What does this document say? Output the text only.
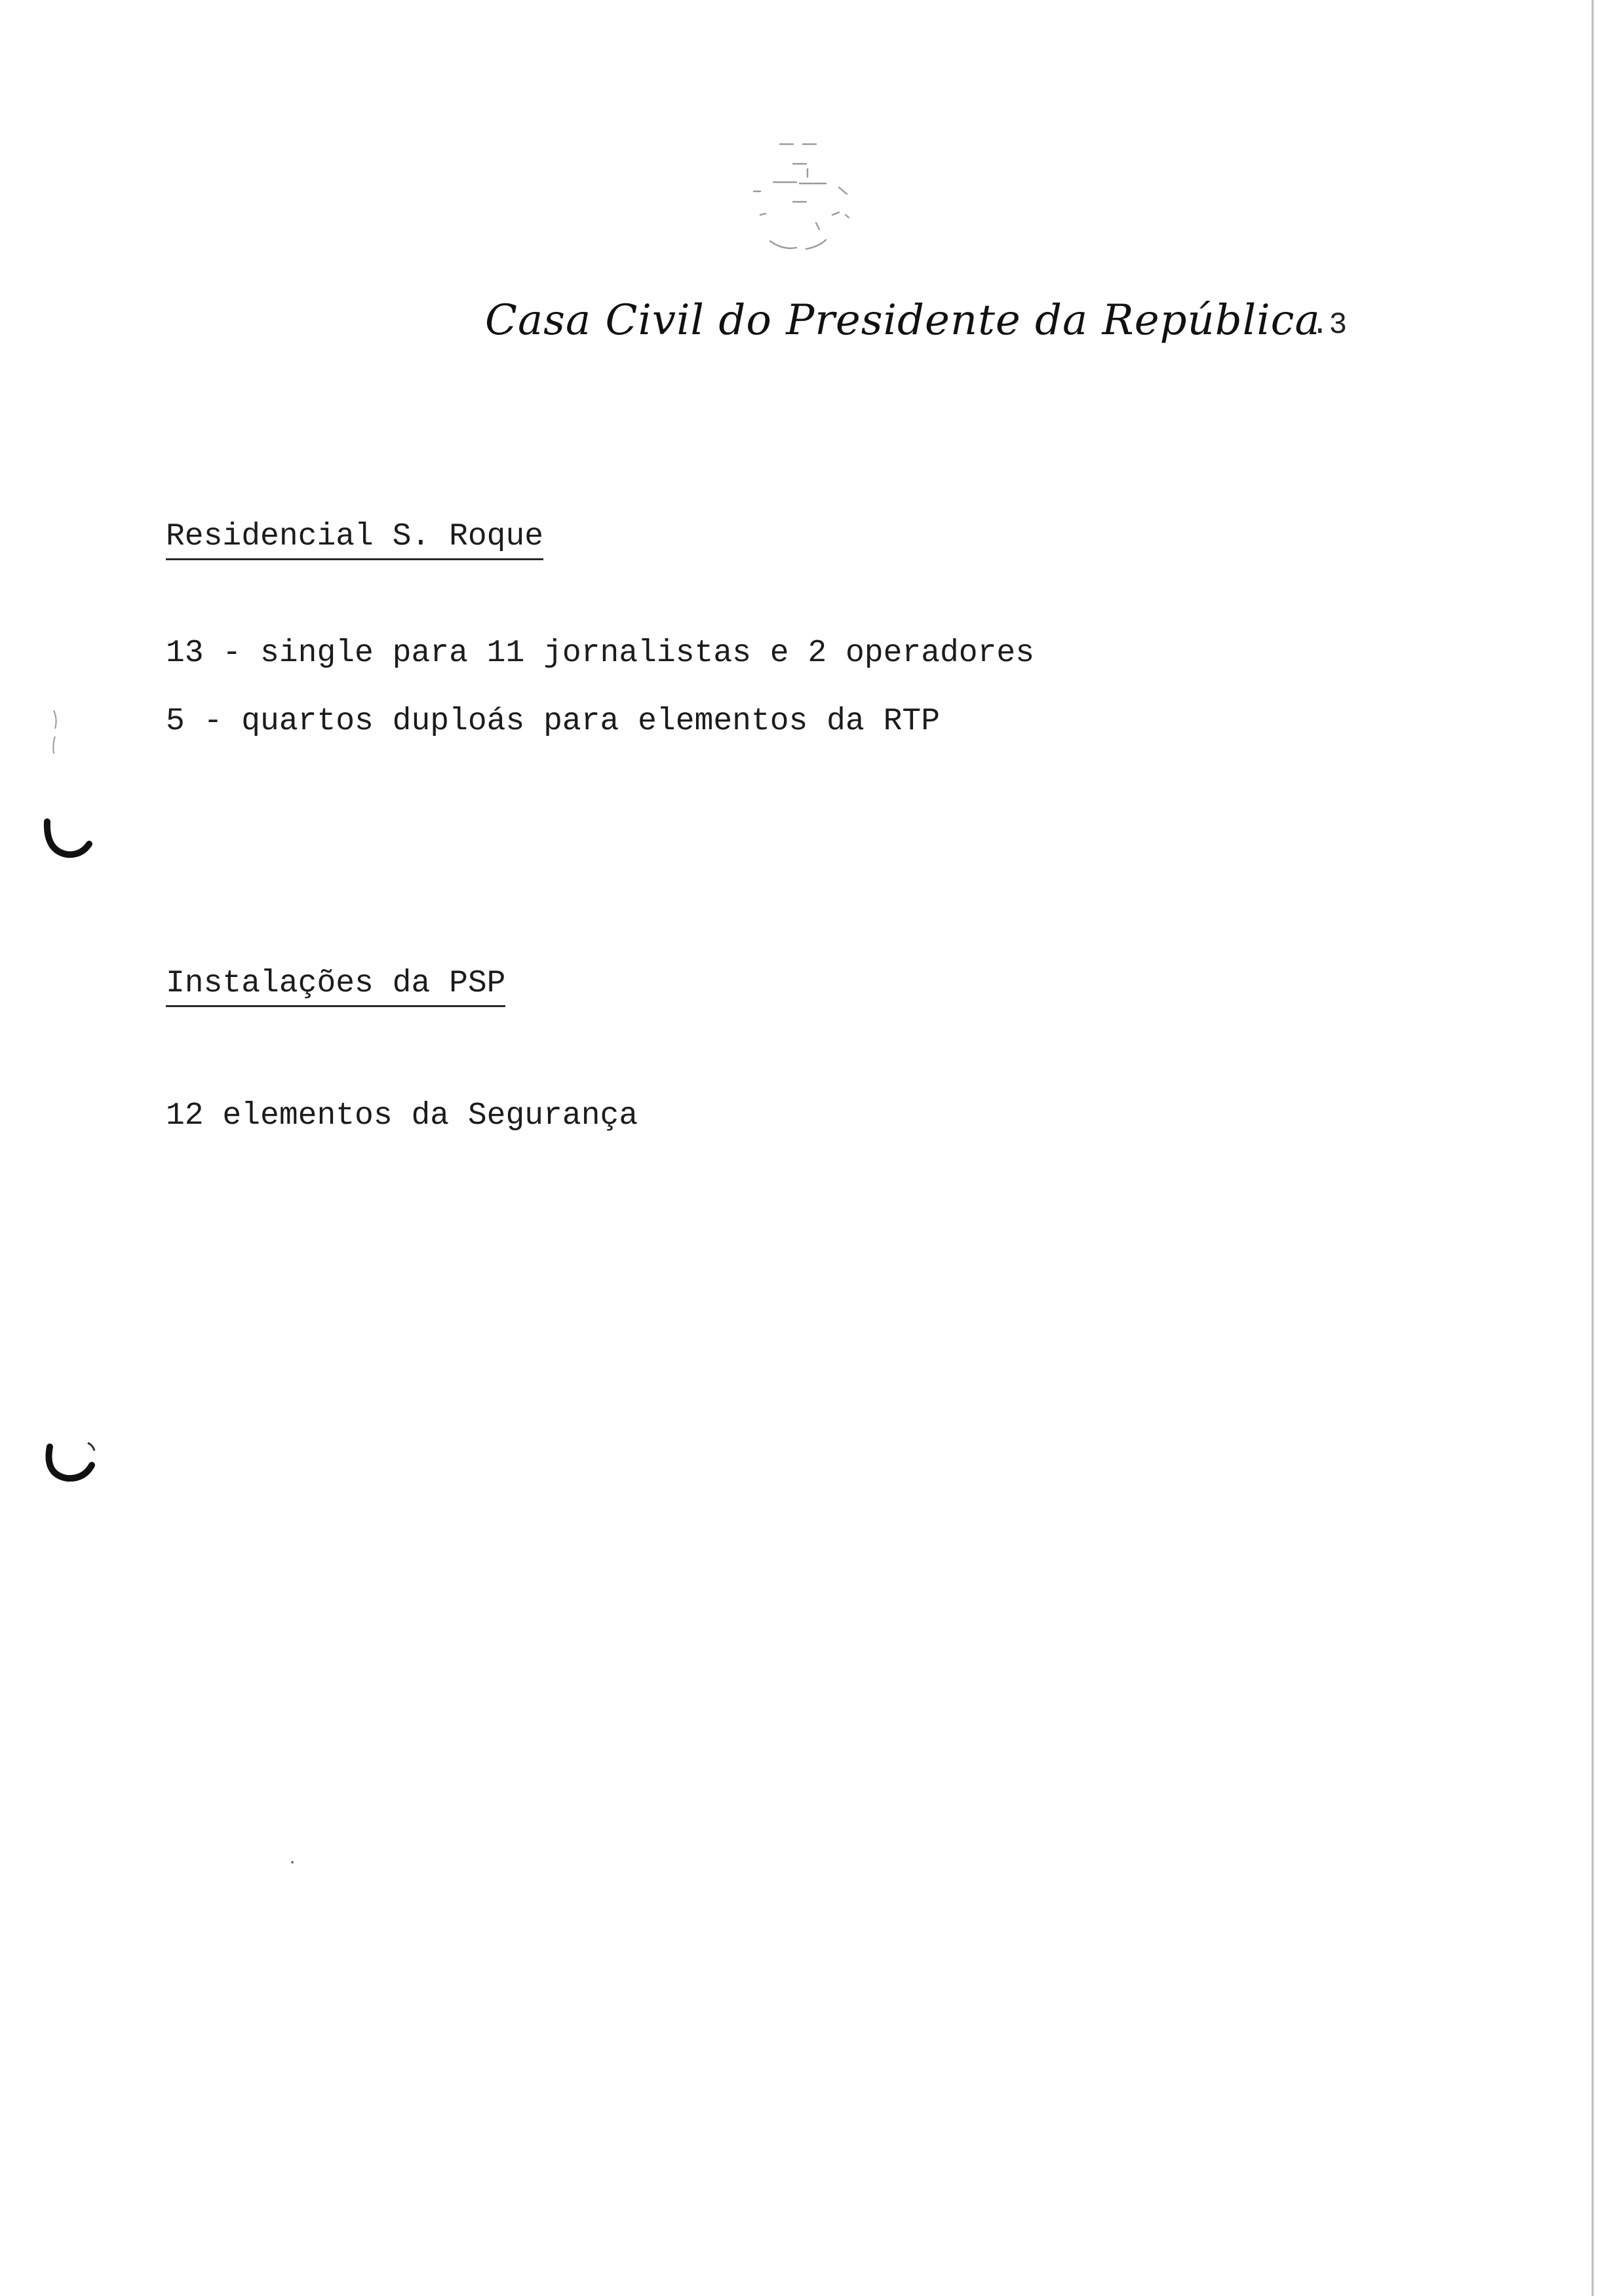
Casa Civil do Presidente da República
.3
Residencial S. Roque
13 - single para 11 jornalistas e 2 operadores
5 - quartos duploás para elementos da RTP
Instalações da PSP
12 elementos da Segurança
